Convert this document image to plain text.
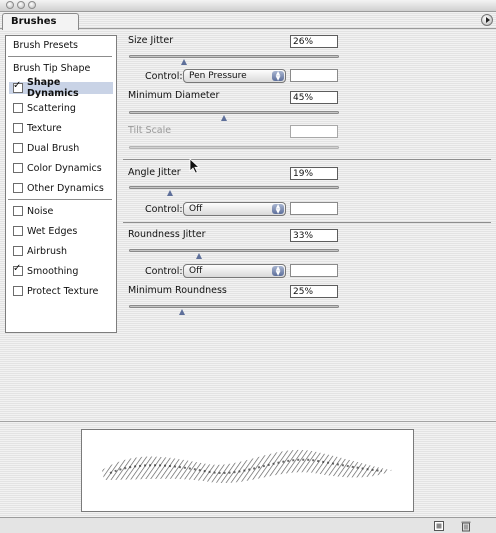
Brushes
Brush Presets
Brush Tip Shape
✓
Shape Dynamics
Scattering
Texture
Dual Brush
Color Dynamics
Other Dynamics
Noise
Wet Edges
Airbrush
✓
Smoothing
Protect Texture
Size Jitter	26%
Control: Pen Pressure	▲
▼
Minimum Diameter	45%
Tilt Scale
Angle Jitter	19%
Control: Off	▲
▼
Roundness Jitter	33%
Control: Off	▲
▼
Minimum Roundness	25%
